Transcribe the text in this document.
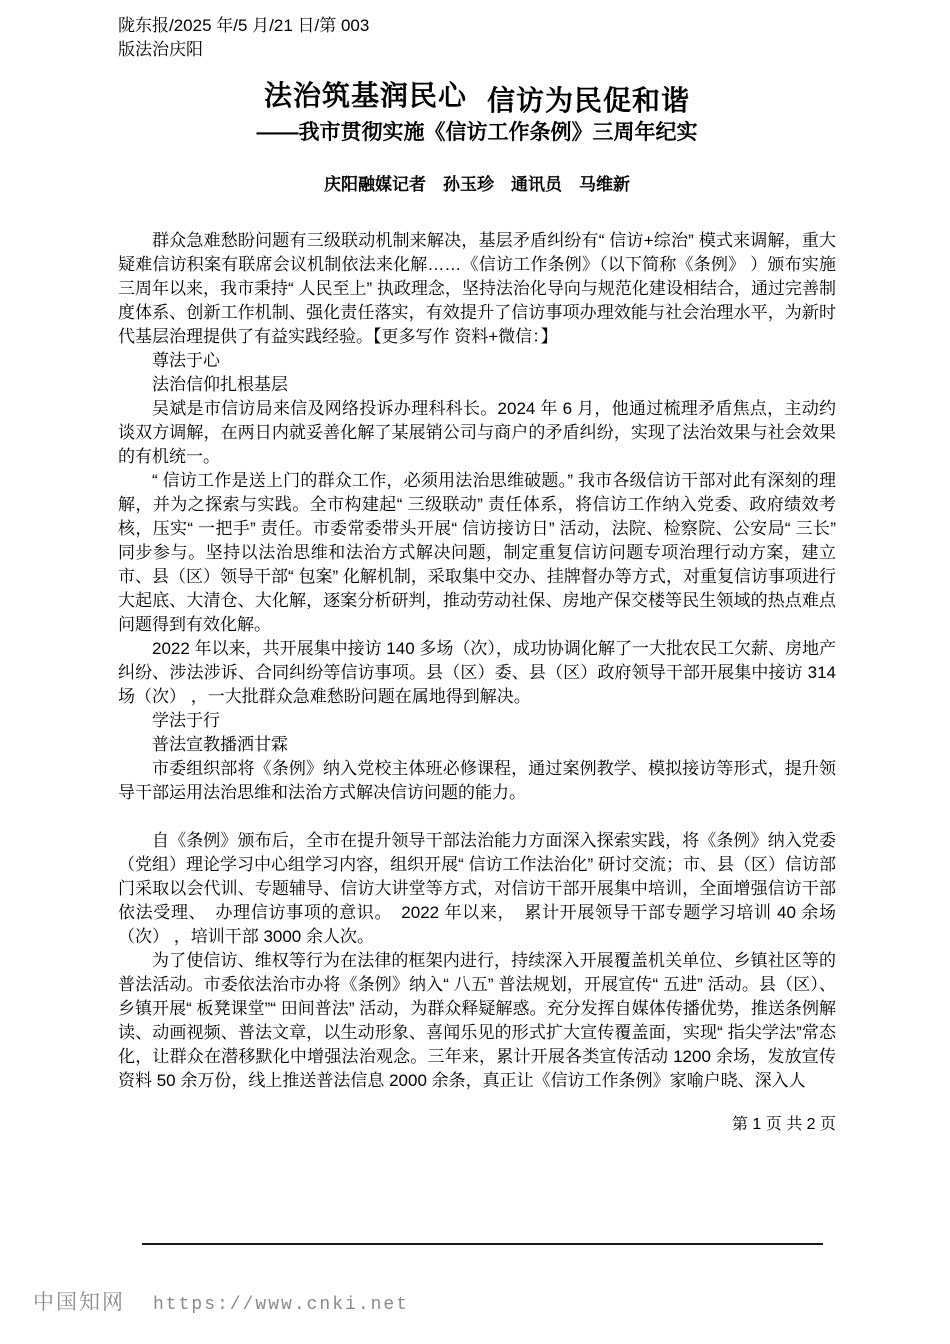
陇东报/2025 年/5 月/21 日/第 003
版法治庆阳
法治筑基润民心 信访为民促和谐
——我市贯彻实施《信访工作条例》三周年纪实
庆阳融媒记者　孙玉珍　通讯员　马维新

群众急难愁盼问题有三级联动机制来解决，基层矛盾纠纷有“ 信访+综治” 模式来调解，重大疑难信访积案有联席会议机制依法来化解……《信访工作条例》（以下简称《条例》 ）颁布实施三周年以来，我市秉持“ 人民至上” 执政理念，坚持法治化导向与规范化建设相结合，通过完善制度体系、创新工作机制、强化责任落实，有效提升了信访事项办理效能与社会治理水平，为新时代基层治理提供了有益实践经验。【更多写作 资料+微信：】

尊法于心

法治信仰扎根基层

吴斌是市信访局来信及网络投诉办理科科长。2024 年 6 月，他通过梳理矛盾焦点，主动约谈双方调解，在两日内就妥善化解了某展销公司与商户的矛盾纠纷，实现了法治效果与社会效果的有机统一。

“ 信访工作是送上门的群众工作，必须用法治思维破题。” 我市各级信访干部对此有深刻的理解，并为之探索与实践。全市构建起“ 三级联动” 责任体系，将信访工作纳入党委、政府绩效考核，压实“ 一把手” 责任。市委常委带头开展“ 信访接访日” 活动，法院、检察院、公安局“ 三长” 同步参与。坚持以法治思维和法治方式解决问题，制定重复信访问题专项治理行动方案，建立市、县（区）领导干部“ 包案” 化解机制，采取集中交办、挂牌督办等方式，对重复信访事项进行大起底、大清仓、大化解，逐案分析研判，推动劳动社保、房地产保交楼等民生领域的热点难点问题得到有效化解。

2022 年以来，共开展集中接访 140 多场（次），成功协调化解了一大批农民工欠薪、房地产纠纷、涉法涉诉、合同纠纷等信访事项。县（区）委、县（区）政府领导干部开展集中接访 314 场（次） ，一大批群众急难愁盼问题在属地得到解决。

学法于行

普法宣教播洒甘霖

市委组织部将《条例》纳入党校主体班必修课程，通过案例教学、模拟接访等形式，提升领导干部运用法治思维和法治方式解决信访问题的能力。

自《条例》颁布后，全市在提升领导干部法治能力方面深入探索实践，将《条例》纳入党委（党组）理论学习中心组学习内容，组织开展“ 信访工作法治化” 研讨交流；市、县（区）信访部门采取以会代训、专题辅导、信访大讲堂等方式，对信访干部开展集中培训，全面增强信访干部依法受理、　办理信访事项的意识。　2022 年以来，　累计开展领导干部专题学习培训 40 余场 （次） ，培训干部 3000 余人次。

为了使信访、维权等行为在法律的框架内进行，持续深入开展覆盖机关单位、乡镇社区等的普法活动。市委依法治市办将《条例》纳入“ 八五” 普法规划，开展宣传“ 五进” 活动。县（区）、乡镇开展“ 板凳课堂”“ 田间普法” 活动，为群众释疑解惑。充分发挥自媒体传播优势，推送条例解读、动画视频、普法文章，以生动形象、喜闻乐见的形式扩大宣传覆盖面，实现“ 指尖学法”常态化，让群众在潜移默化中增强法治观念。三年来，累计开展各类宣传活动 1200 余场，发放宣传资料 50 余万份，线上推送普法信息 2000 余条，真正让《信访工作条例》家喻户晓、深入人

第 1 页 共 2 页
中国知网 https://www.cnki.net
